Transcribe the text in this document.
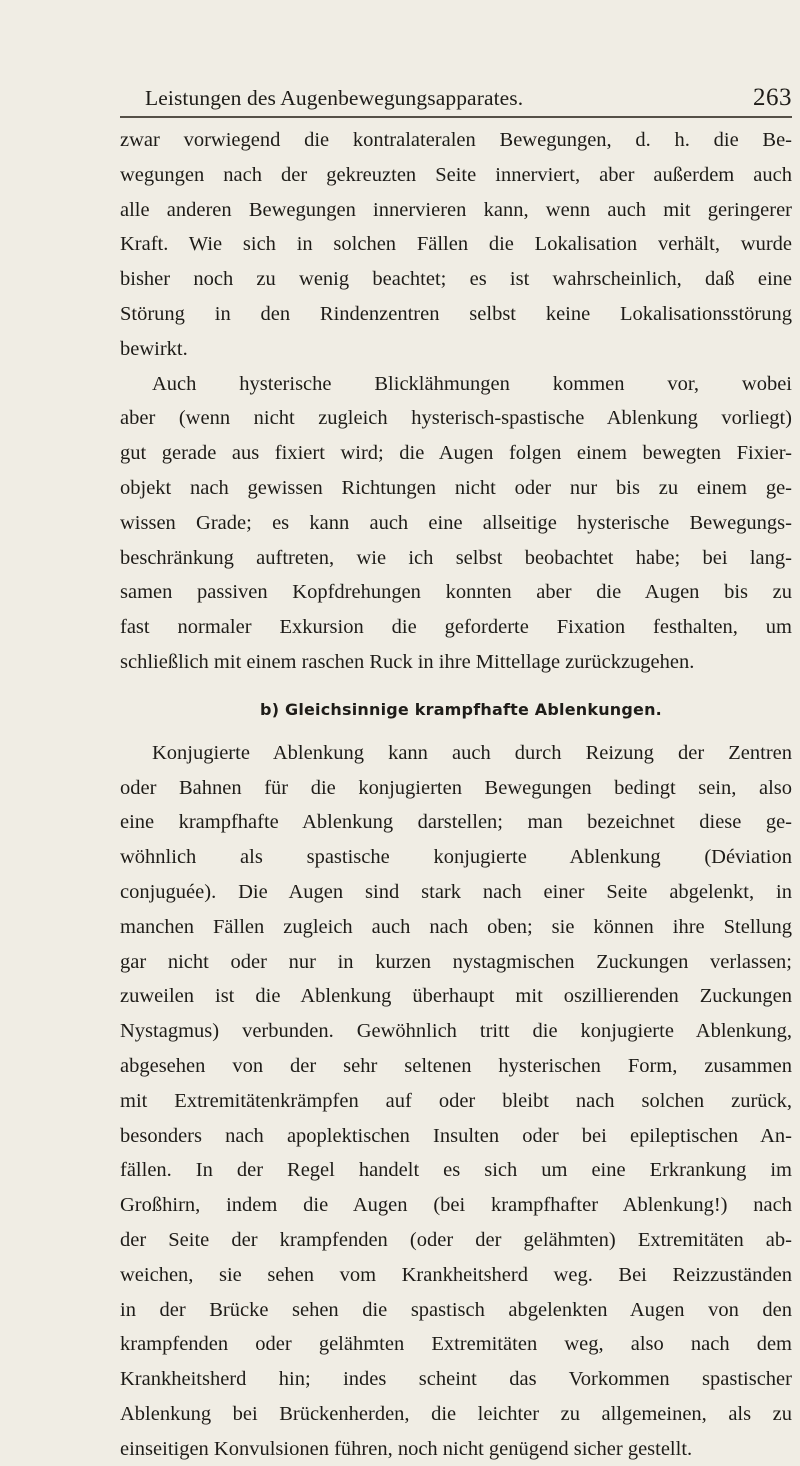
Leistungen des Augenbewegungsapparates.	263
zwar vorwiegend die kontralateralen Bewegungen, d. h. die Be-
wegungen nach der gekreuzten Seite innerviert, aber außerdem auch
alle anderen Bewegungen innervieren kann, wenn auch mit geringerer
Kraft. Wie sich in solchen Fällen die Lokalisation verhält, wurde
bisher noch zu wenig beachtet; es ist wahrscheinlich, daß eine
Störung in den Rindenzentren selbst keine Lokalisationsstörung
bewirkt.
Auch hysterische Blicklähmungen kommen vor, wobei
aber (wenn nicht zugleich hysterisch-spastische Ablenkung vorliegt)
gut gerade aus fixiert wird; die Augen folgen einem bewegten Fixier-
objekt nach gewissen Richtungen nicht oder nur bis zu einem ge-
wissen Grade; es kann auch eine allseitige hysterische Bewegungs-
beschränkung auftreten, wie ich selbst beobachtet habe; bei lang-
samen passiven Kopfdrehungen konnten aber die Augen bis zu
fast normaler Exkursion die geforderte Fixation festhalten, um
schließlich mit einem raschen Ruck in ihre Mittellage zurückzugehen.
b) Gleichsinnige krampfhafte Ablenkungen.
Konjugierte Ablenkung kann auch durch Reizung der Zentren
oder Bahnen für die konjugierten Bewegungen bedingt sein, also
eine krampfhafte Ablenkung darstellen; man bezeichnet diese ge-
wöhnlich als spastische konjugierte Ablenkung (Déviation
conjuguée). Die Augen sind stark nach einer Seite abgelenkt, in
manchen Fällen zugleich auch nach oben; sie können ihre Stellung
gar nicht oder nur in kurzen nystagmischen Zuckungen verlassen;
zuweilen ist die Ablenkung überhaupt mit oszillierenden Zuckungen
Nystagmus) verbunden. Gewöhnlich tritt die konjugierte Ablenkung,
abgesehen von der sehr seltenen hysterischen Form, zusammen
mit Extremitätenkrämpfen auf oder bleibt nach solchen zurück,
besonders nach apoplektischen Insulten oder bei epileptischen An-
fällen. In der Regel handelt es sich um eine Erkrankung im
Großhirn, indem die Augen (bei krampfhafter Ablenkung!) nach
der Seite der krampfenden (oder der gelähmten) Extremitäten ab-
weichen, sie sehen vom Krankheitsherd weg. Bei Reizzuständen
in der Brücke sehen die spastisch abgelenkten Augen von den
krampfenden oder gelähmten Extremitäten weg, also nach dem
Krankheitsherd hin; indes scheint das Vorkommen spastischer
Ablenkung bei Brückenherden, die leichter zu allgemeinen, als zu
einseitigen Konvulsionen führen, noch nicht genügend sicher gestellt.
